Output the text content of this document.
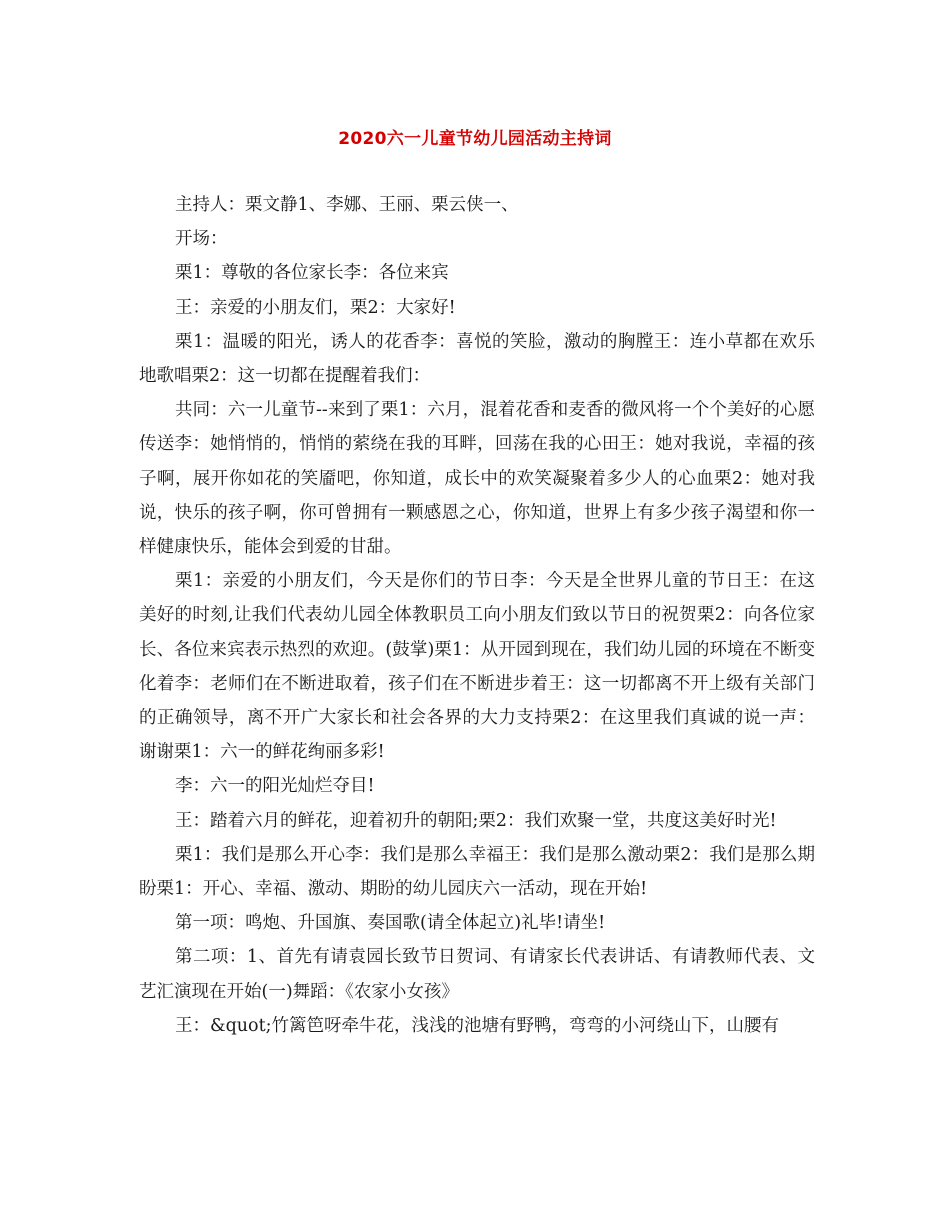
2020六一儿童节幼儿园活动主持词

主持人：栗文静1、李娜、王丽、栗云侠一、

开场：

栗1：尊敬的各位家长李：各位来宾

王：亲爱的小朋友们，栗2：大家好!

栗1：温暖的阳光，诱人的花香李：喜悦的笑脸，激动的胸膛王：连小草都在欢乐地歌唱栗2：这一切都在提醒着我们：

共同：六一儿童节--来到了栗1：六月，混着花香和麦香的微风将一个个美好的心愿传送李：她悄悄的，悄悄的萦绕在我的耳畔，回荡在我的心田王：她对我说，幸福的孩子啊，展开你如花的笑靥吧，你知道，成长中的欢笑凝聚着多少人的心血栗2：她对我说，快乐的孩子啊，你可曾拥有一颗感恩之心，你知道，世界上有多少孩子渴望和你一样健康快乐，能体会到爱的甘甜。

栗1：亲爱的小朋友们，今天是你们的节日李：今天是全世界儿童的节日王：在这美好的时刻,让我们代表幼儿园全体教职员工向小朋友们致以节日的祝贺栗2：向各位家长、各位来宾表示热烈的欢迎。(鼓掌)栗1：从开园到现在，我们幼儿园的环境在不断变化着李：老师们在不断进取着，孩子们在不断进步着王：这一切都离不开上级有关部门的正确领导，离不开广大家长和社会各界的大力支持栗2：在这里我们真诚的说一声：谢谢栗1：六一的鲜花绚丽多彩!

李：六一的阳光灿烂夺目!

王：踏着六月的鲜花，迎着初升的朝阳;栗2：我们欢聚一堂，共度这美好时光!

栗1：我们是那么开心李：我们是那么幸福王：我们是那么激动栗2：我们是那么期盼栗1：开心、幸福、激动、期盼的幼儿园庆六一活动，现在开始!

第一项：鸣炮、升国旗、奏国歌(请全体起立)礼毕!请坐!

第二项：1、首先有请袁园长致节日贺词、有请家长代表讲话、有请教师代表、文艺汇演现在开始(一)舞蹈：《农家小女孩》

王：&quot;竹篱笆呀牵牛花，浅浅的池塘有野鸭，弯弯的小河绕山下，山腰有
